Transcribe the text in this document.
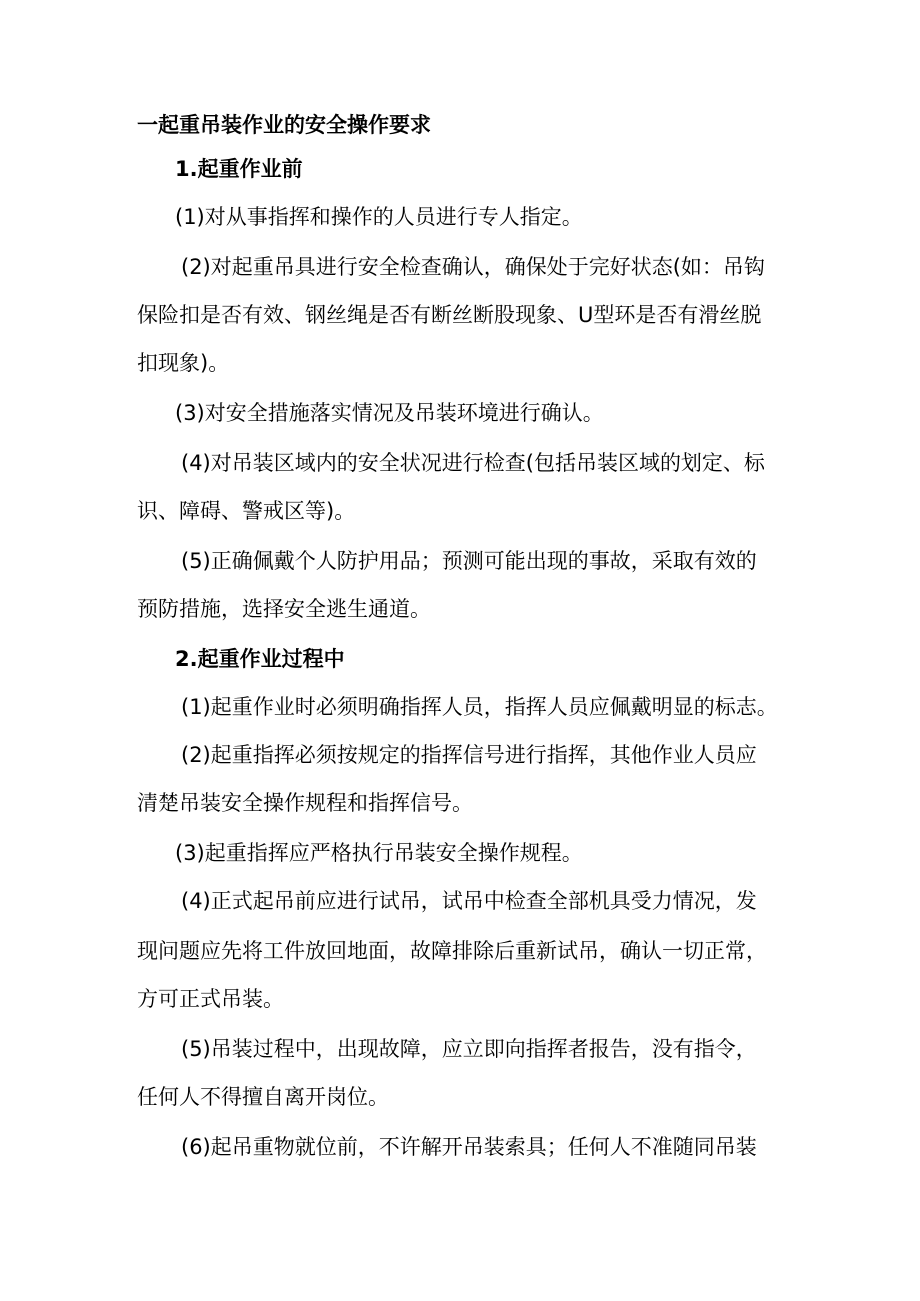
一起重吊装作业的安全操作要求
1.起重作业前
(1)对从事指挥和操作的人员进行专人指定。
(2)对起重吊具进行安全检查确认，确保处于完好状态(如：吊钩
保险扣是否有效、钢丝绳是否有断丝断股现象、U型环是否有滑丝脱
扣现象)。
(3)对安全措施落实情况及吊装环境进行确认。
(4)对吊装区域内的安全状况进行检查(包括吊装区域的划定、标
识、障碍、警戒区等)。
(5)正确佩戴个人防护用品；预测可能出现的事故，采取有效的
预防措施，选择安全逃生通道。
2.起重作业过程中
(1)起重作业时必须明确指挥人员，指挥人员应佩戴明显的标志。
(2)起重指挥必须按规定的指挥信号进行指挥，其他作业人员应
清楚吊装安全操作规程和指挥信号。
(3)起重指挥应严格执行吊装安全操作规程。
(4)正式起吊前应进行试吊，试吊中检查全部机具受力情况，发
现问题应先将工件放回地面，故障排除后重新试吊，确认一切正常，
方可正式吊装。
(5)吊装过程中，出现故障，应立即向指挥者报告，没有指令，
任何人不得擅自离开岗位。
(6)起吊重物就位前，不许解开吊装索具；任何人不准随同吊装
